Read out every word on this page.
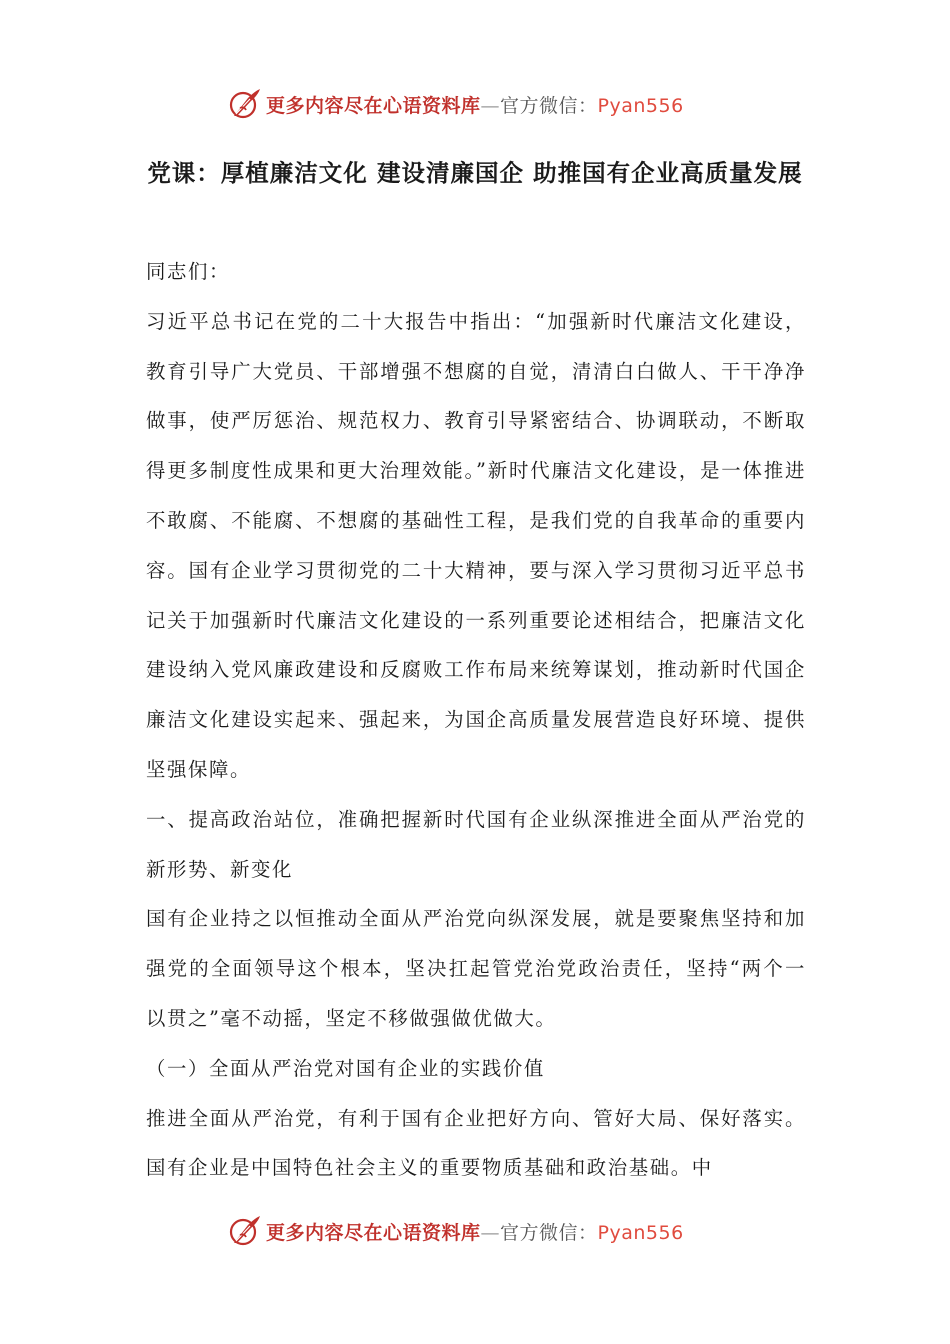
更多内容尽在心语资料库—官方微信：Pyan556
党课：厚植廉洁文化 建设清廉国企 助推国有企业高质量发展

同志们：

习近平总书记在党的二十大报告中指出：“加强新时代廉洁文化建设，教育引导广大党员、干部增强不想腐的自觉，清清白白做人、干干净净做事，使严厉惩治、规范权力、教育引导紧密结合、协调联动，不断取得更多制度性成果和更大治理效能。”新时代廉洁文化建设，是一体推进不敢腐、不能腐、不想腐的基础性工程，是我们党的自我革命的重要内容。国有企业学习贯彻党的二十大精神，要与深入学习贯彻习近平总书记关于加强新时代廉洁文化建设的一系列重要论述相结合，把廉洁文化建设纳入党风廉政建设和反腐败工作布局来统筹谋划，推动新时代国企廉洁文化建设实起来、强起来，为国企高质量发展营造良好环境、提供坚强保障。

一、提高政治站位，准确把握新时代国有企业纵深推进全面从严治党的新形势、新变化

国有企业持之以恒推动全面从严治党向纵深发展，就是要聚焦坚持和加强党的全面领导这个根本，坚决扛起管党治党政治责任，坚持“两个一以贯之”毫不动摇，坚定不移做强做优做大。

（一）全面从严治党对国有企业的实践价值

推进全面从严治党，有利于国有企业把好方向、管好大局、保好落实。国有企业是中国特色社会主义的重要物质基础和政治基础。中

更多内容尽在心语资料库—官方微信：Pyan556
